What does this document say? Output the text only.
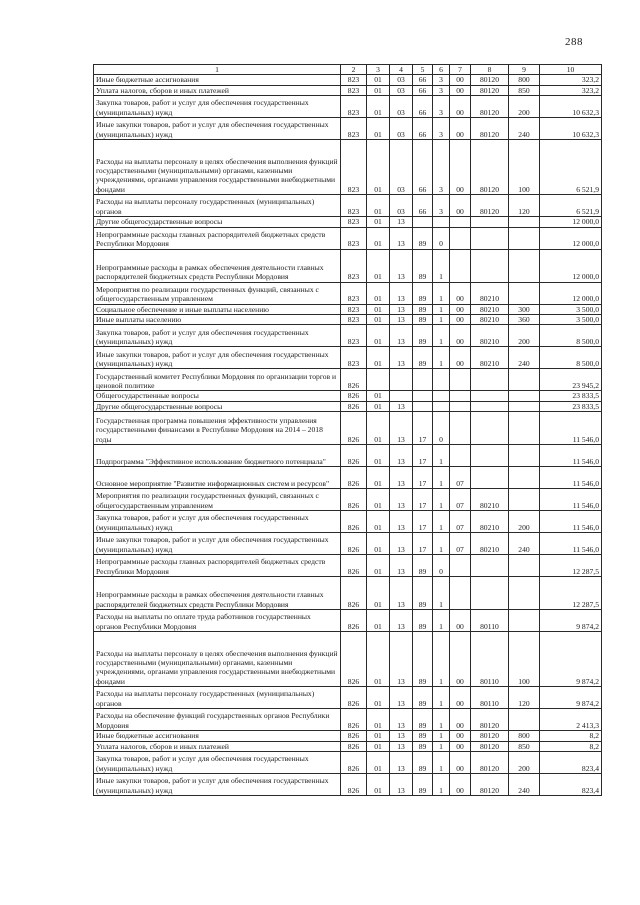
288
1	2	3	4	5	6	7	8	9	10
Иные бюджетные ассигнования	823	01	03	66	3	00	80120	800	323,2
Уплата налогов, сборов и иных платежей	823	01	03	66	3	00	80120	850	323,2
Закупка товаров, работ и услуг для обеспечения государственных (муниципальных) нужд	823	01	03	66	3	00	80120	200	10 632,3
Иные закупки товаров, работ и услуг для обеспечения государственных (муниципальных) нужд	823	01	03	66	3	00	80120	240	10 632,3
Расходы на выплаты персоналу в целях обеспечения выполнения функций государственными (муниципальными) органами, казенными учреждениями, органами управления государственными внебюджетными фондами	823	01	03	66	3	00	80120	100	6 521,9
Расходы на выплаты персоналу государственных (муниципальных) органов	823	01	03	66	3	00	80120	120	6 521,9
Другие общегосударственные вопросы	823	01	13						12 000,0
Непрограммные расходы главных распорядителей бюджетных средств Республики Мордовия	823	01	13	89	0				12 000,0
Непрограммные расходы в рамках обеспечения деятельности главных распорядителей бюджетных средств Республики Мордовия	823	01	13	89	1				12 000,0
Мероприятия по реализации государственных функций, связанных с общегосударственным управлением	823	01	13	89	1	00	80210		12 000,0
Социальное обеспечение и иные выплаты населению	823	01	13	89	1	00	80210	300	3 500,0
Иные выплаты населению	823	01	13	89	1	00	80210	360	3 500,0
Закупка товаров, работ и услуг для обеспечения государственных (муниципальных) нужд	823	01	13	89	1	00	80210	200	8 500,0
Иные закупки товаров, работ и услуг для обеспечения государственных (муниципальных) нужд	823	01	13	89	1	00	80210	240	8 500,0
Государственный комитет Республики Мордовия по организации торгов и ценовой политике	826								23 945,2
Общегосударственные вопросы	826	01							23 833,5
Другие общегосударственные вопросы	826	01	13						23 833,5
Государственная программа повышения эффективности управления государственными финансами в Республике Мордовия на 2014 – 2018 годы	826	01	13	17	0				11 546,0
Подпрограмма "Эффективное использование бюджетного потенциала"	826	01	13	17	1				11 546,0
Основное мероприятие "Развитие информационных систем и ресурсов"	826	01	13	17	1	07			11 546,0
Мероприятия по реализации государственных функций, связанных с общегосударственным управлением	826	01	13	17	1	07	80210		11 546,0
Закупка товаров, работ и услуг для обеспечения государственных (муниципальных) нужд	826	01	13	17	1	07	80210	200	11 546,0
Иные закупки товаров, работ и услуг для обеспечения государственных (муниципальных) нужд	826	01	13	17	1	07	80210	240	11 546,0
Непрограммные расходы главных распорядителей бюджетных средств Республики Мордовия	826	01	13	89	0				12 287,5
Непрограммные расходы в рамках обеспечения деятельности главных распорядителей бюджетных средств Республики Мордовия	826	01	13	89	1				12 287,5
Расходы на выплаты по оплате труда работников государственных органов Республики Мордовия	826	01	13	89	1	00	80110		9 874,2
Расходы на выплаты персоналу в целях обеспечения выполнения функций государственными (муниципальными) органами, казенными учреждениями, органами управления государственными внебюджетными фондами	826	01	13	89	1	00	80110	100	9 874,2
Расходы на выплаты персоналу государственных (муниципальных) органов	826	01	13	89	1	00	80110	120	9 874,2
Расходы на обеспечение функций государственных органов Республики Мордовия	826	01	13	89	1	00	80120		2 413,3
Иные бюджетные ассигнования	826	01	13	89	1	00	80120	800	8,2
Уплата налогов, сборов и иных платежей	826	01	13	89	1	00	80120	850	8,2
Закупка товаров, работ и услуг для обеспечения государственных (муниципальных) нужд	826	01	13	89	1	00	80120	200	823,4
Иные закупки товаров, работ и услуг для обеспечения государственных (муниципальных) нужд	826	01	13	89	1	00	80120	240	823,4
